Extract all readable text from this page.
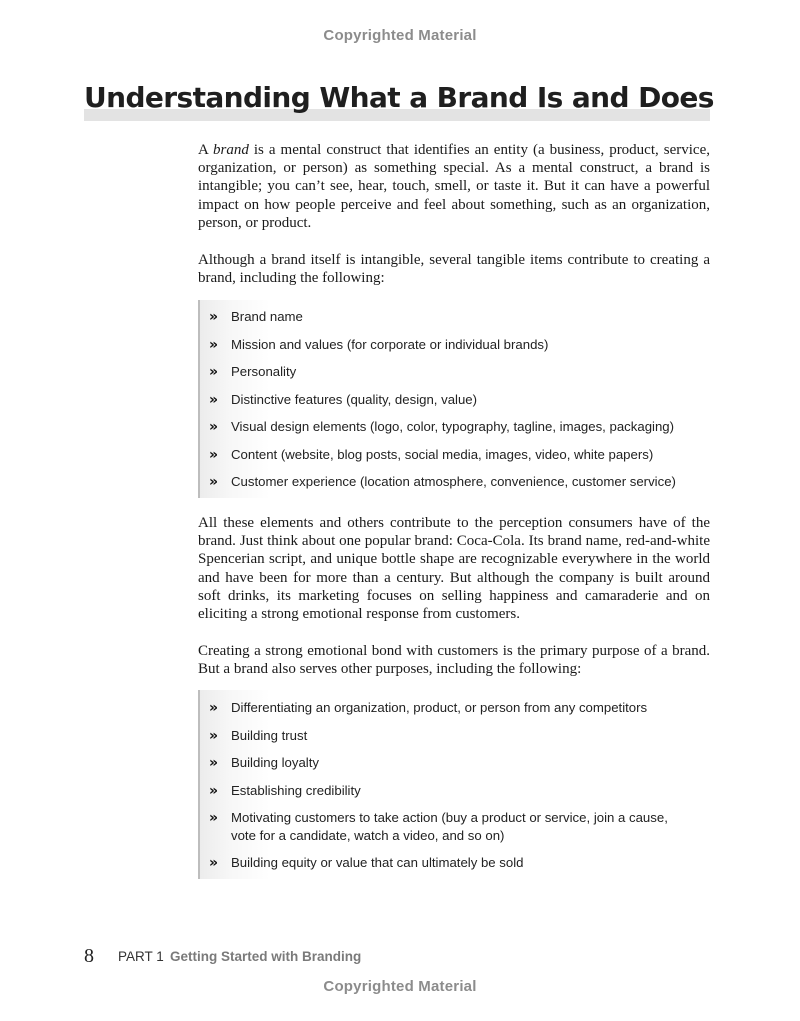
Copyrighted Material
Understanding What a Brand Is and Does

A brand is a mental construct that identifies an entity (a business, product, service, organization, or person) as something special. As a mental construct, a brand is intangible; you can’t see, hear, touch, smell, or taste it. But it can have a powerful impact on how people perceive and feel about something, such as an organization, person, or product.

Although a brand itself is intangible, several tangible items contribute to creating a brand, including the following:

» Brand name
» Mission and values (for corporate or individual brands)
» Personality
» Distinctive features (quality, design, value)
» Visual design elements (logo, color, typography, tagline, images, packaging)
» Content (website, blog posts, social media, images, video, white papers)
» Customer experience (location atmosphere, convenience, customer service)

All these elements and others contribute to the perception consumers have of the brand. Just think about one popular brand: Coca-Cola. Its brand name, red-and-white Spencerian script, and unique bottle shape are recognizable everywhere in the world and have been for more than a century. But although the company is built around soft drinks, its marketing focuses on selling happiness and camaraderie and on eliciting a strong emotional response from customers.

Creating a strong emotional bond with customers is the primary purpose of a brand. But a brand also serves other purposes, including the following:

» Differentiating an organization, product, or person from any competitors
» Building trust
» Building loyalty
» Establishing credibility
» Motivating customers to take action (buy a product or service, join a cause, vote for a candidate, watch a video, and so on)
» Building equity or value that can ultimately be sold
8 PART 1 Getting Started with Branding
Copyrighted Material
